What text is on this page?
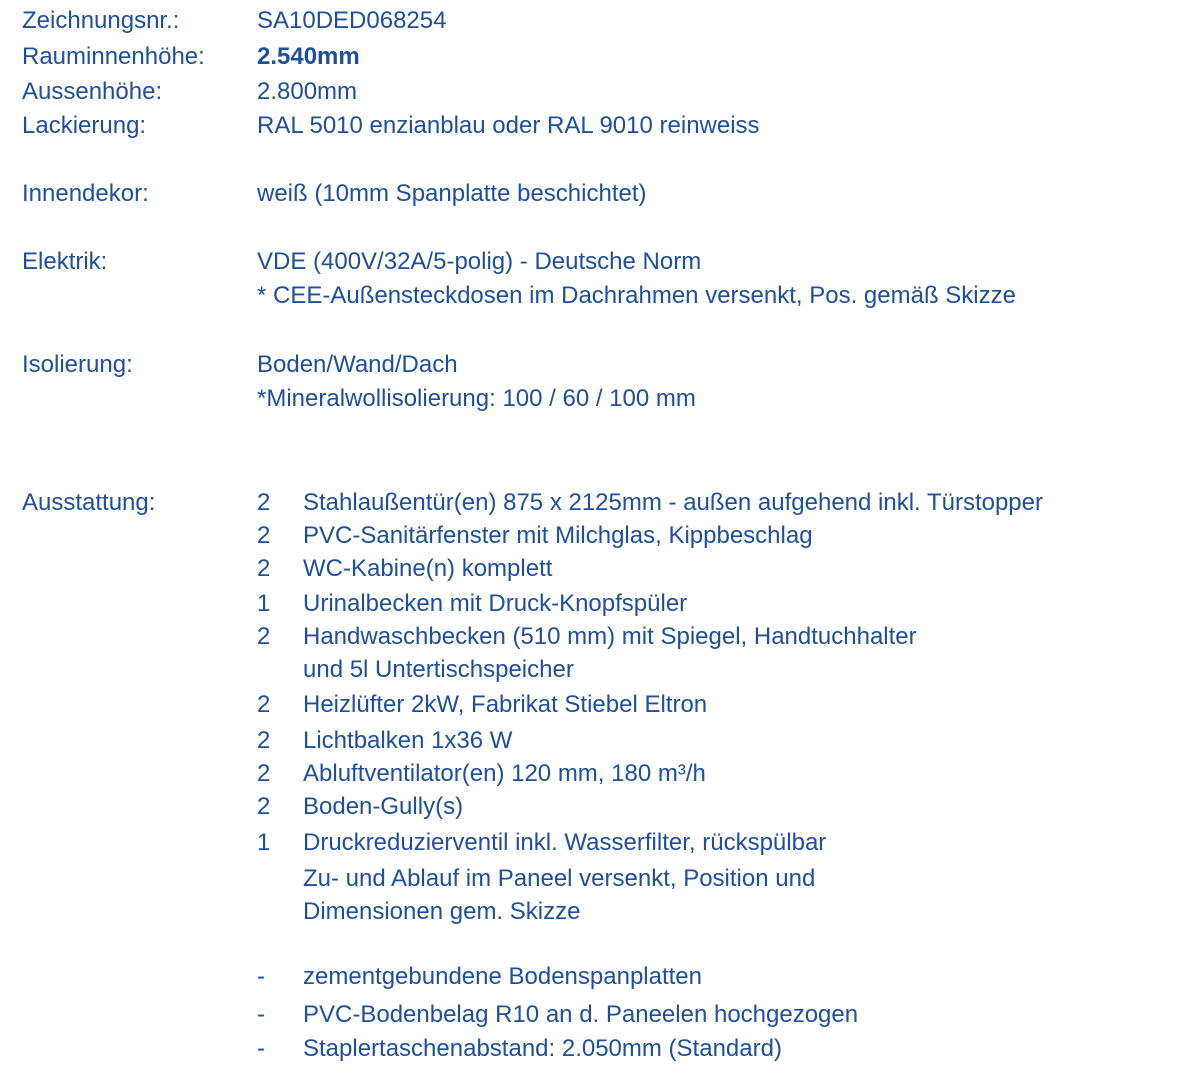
Zeichnungsnr.:	SA10DED068254
Rauminnenhöhe: 2.540mm
Aussenhöhe:	2.800mm
Lackierung:	RAL 5010 enzianblau oder RAL 9010 reinweiss
Innendekor:	weiß (10mm Spanplatte beschichtet)
Elektrik:	VDE (400V/32A/5-polig) - Deutsche Norm
* CEE-Außensteckdosen im Dachrahmen versenkt, Pos. gemäß Skizze
Isolierung:	Boden/Wand/Dach
*Mineralwollisolierung: 100 / 60 / 100 mm
Ausstattung:	2 Stahlaußentür(en) 875 x 2125mm - außen aufgehend inkl. Türstopper
2 PVC-Sanitärfenster mit Milchglas, Kippbeschlag
2 WC-Kabine(n) komplett
1 Urinalbecken mit Druck-Knopfspüler
2 Handwaschbecken (510 mm) mit Spiegel, Handtuchhalter
und 5l Untertischspeicher
2 Heizlüfter 2kW, Fabrikat Stiebel Eltron
2 Lichtbalken 1x36 W
2 Abluftventilator(en) 120 mm, 180 m³/h
2 Boden-Gully(s)
1 Druckreduzierventil inkl. Wasserfilter, rückspülbar
Zu- und Ablauf im Paneel versenkt, Position und
Dimensionen gem. Skizze
- zementgebundene Bodenspanplatten
- PVC-Bodenbelag R10 an d. Paneelen hochgezogen
- Staplertaschenabstand: 2.050mm (Standard)
